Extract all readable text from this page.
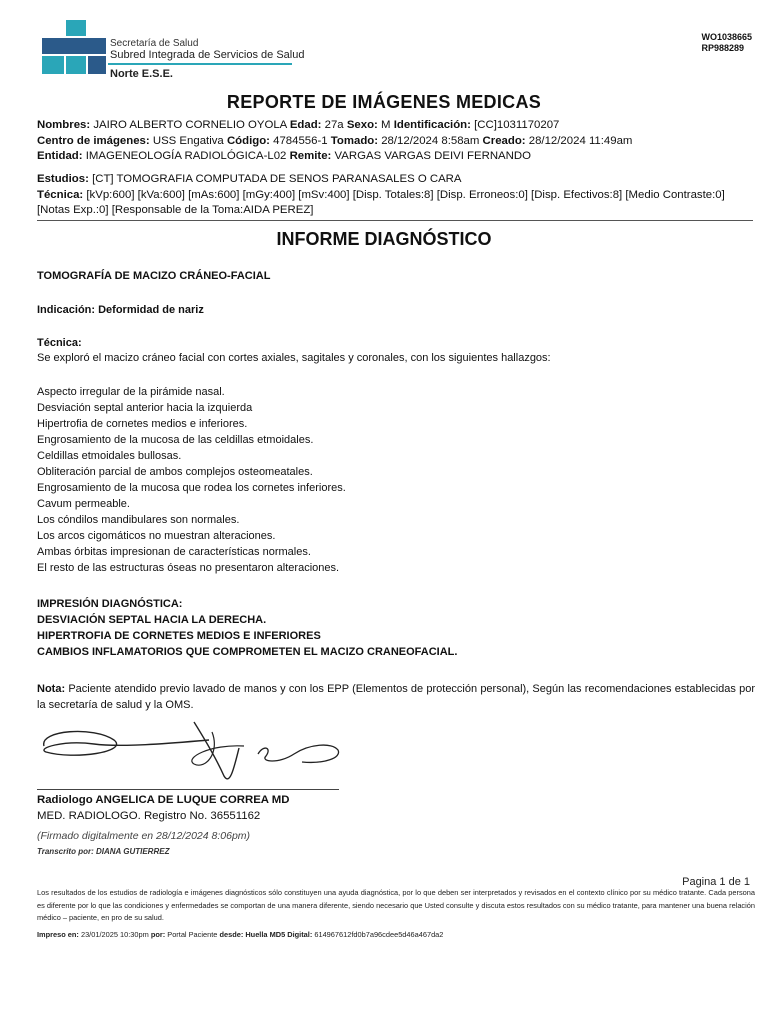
Secretaría de Salud
Subred Integrada de Servicios de Salud
Norte E.S.E.
WO1038665
RP988289
REPORTE DE IMÁGENES MEDICAS
Nombres: JAIRO ALBERTO CORNELIO OYOLA Edad: 27a Sexo: M Identificación: [CC]1031170207
Centro de imágenes: USS Engativa Código: 4784556-1 Tomado: 28/12/2024 8:58am Creado: 28/12/2024 11:49am
Entidad: IMAGENEOLOGÍA RADIOLÓGICA-L02 Remite: VARGAS VARGAS DEIVI FERNANDO
Estudios: [CT] TOMOGRAFIA COMPUTADA DE SENOS PARANASALES O CARA
Técnica: [kVp:600] [kVa:600] [mAs:600] [mGy:400] [mSv:400] [Disp. Totales:8] [Disp. Erroneos:0] [Disp. Efectivos:8] [Medio Contraste:0] [Notas Exp.:0] [Responsable de la Toma:AIDA PEREZ]
INFORME DIAGNÓSTICO
TOMOGRAFÍA DE MACIZO CRÁNEO-FACIAL
Indicación: Deformidad de nariz
Técnica:
Se exploró el macizo cráneo facial con cortes axiales, sagitales y coronales, con los siguientes hallazgos:

Aspecto irregular de la pirámide nasal.

Desviación septal anterior hacia la izquierda

Hipertrofia de cornetes medios e inferiores.

Engrosamiento de la mucosa de las celdillas etmoidales.

Celdillas etmoidales bullosas.

Obliteración parcial de ambos complejos osteomeatales.

Engrosamiento de la mucosa que rodea los cornetes inferiores.

Cavum permeable.

Los cóndilos mandibulares son normales.

Los arcos cigomáticos no muestran alteraciones.

Ambas órbitas impresionan de características normales.

El resto de las estructuras óseas no presentaron alteraciones.

IMPRESIÓN DIAGNÓSTICA:

DESVIACIÓN SEPTAL HACIA LA DERECHA.

HIPERTROFIA DE CORNETES MEDIOS E INFERIORES

CAMBIOS INFLAMATORIOS QUE COMPROMETEN EL MACIZO CRANEOFACIAL.

Nota: Paciente atendido previo lavado de manos y con los EPP (Elementos de protección personal), Según las recomendaciones establecidas por la secretaría de salud y la OMS.
Radiologo ANGELICA DE LUQUE CORREA MD
MED. RADIOLOGO. Registro No. 36551162
(Firmado digitalmente en 28/12/2024 8:06pm)
Transcrito por: DIANA GUTIERREZ
Pagina 1 de 1
Los resultados de los estudios de radiología e imágenes diagnósticos sólo constituyen una ayuda diagnóstica, por lo que deben ser interpretados y revisados en el contexto clínico por su médico tratante. Cada persona es diferente por lo que las condiciones y enfermedades se comportan de una manera diferente, siendo necesario que Usted consulte y discuta estos resultados con su médico tratante, para mantener una buena relación médico – paciente, en pro de su salud.
Impreso en: 23/01/2025 10:30pm por: Portal Paciente desde: Huella MD5 Digital: 614967612fd0b7a96cdee5d46a467da2
